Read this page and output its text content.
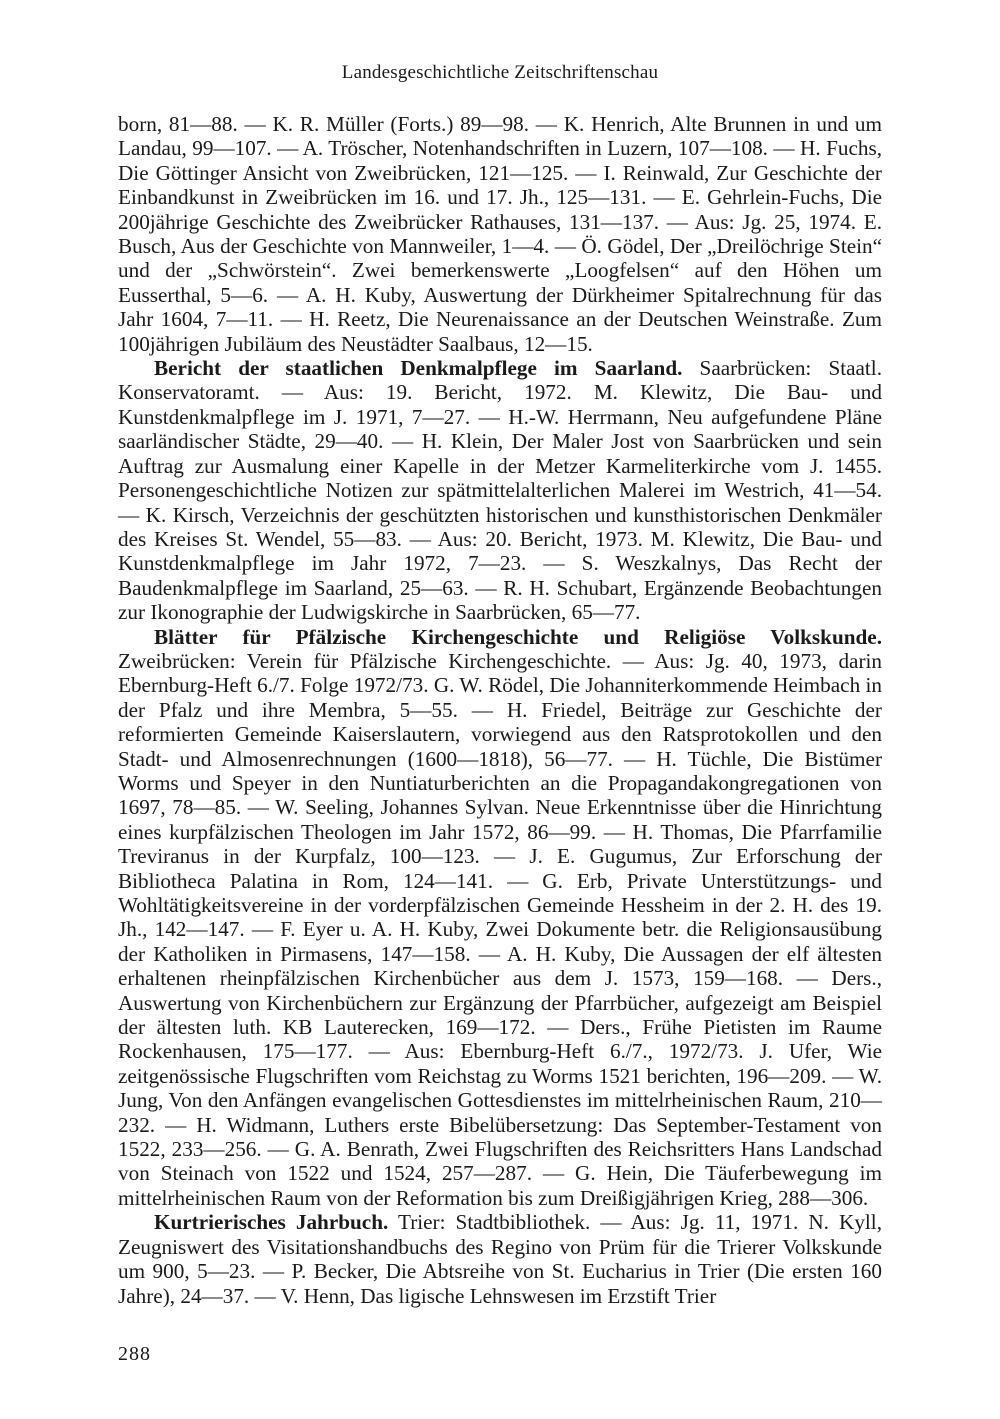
Landesgeschichtliche Zeitschriftenschau

born, 81—88. — K. R. Müller (Forts.) 89—98. — K. Henrich, Alte Brunnen in und um Landau, 99—107. — A. Tröscher, Notenhandschriften in Luzern, 107—108. — H. Fuchs, Die Göttinger Ansicht von Zweibrücken, 121—125. — I. Reinwald, Zur Geschichte der Einbandkunst in Zweibrücken im 16. und 17. Jh., 125—131. — E. Gehrlein-Fuchs, Die 200jährige Geschichte des Zweibrücker Rathauses, 131—137. — Aus: Jg. 25, 1974. E. Busch, Aus der Geschichte von Mannweiler, 1—4. — Ö. Gödel, Der „Dreilöchrige Stein“ und der „Schwörstein“. Zwei bemerkenswerte „Loogfelsen“ auf den Höhen um Eusserthal, 5—6. — A. H. Kuby, Auswertung der Dürkheimer Spitalrechnung für das Jahr 1604, 7—11. — H. Reetz, Die Neurenaissance an der Deutschen Weinstraße. Zum 100jährigen Jubiläum des Neustädter Saalbaus, 12—15.

Bericht der staatlichen Denkmalpflege im Saarland. Saarbrücken: Staatl. Konservatoramt. — Aus: 19. Bericht, 1972. M. Klewitz, Die Bau- und Kunstdenkmalpflege im J. 1971, 7—27. — H.-W. Herrmann, Neu aufgefundene Pläne saarländischer Städte, 29—40. — H. Klein, Der Maler Jost von Saarbrücken und sein Auftrag zur Ausmalung einer Kapelle in der Metzer Karmeliterkirche vom J. 1455. Personengeschichtliche Notizen zur spätmittelalterlichen Malerei im Westrich, 41—54. — K. Kirsch, Verzeichnis der geschützten historischen und kunsthistorischen Denkmäler des Kreises St. Wendel, 55—83. — Aus: 20. Bericht, 1973. M. Klewitz, Die Bau- und Kunstdenkmalpflege im Jahr 1972, 7—23. — S. Weszkalnys, Das Recht der Baudenkmalpflege im Saarland, 25—63. — R. H. Schubart, Ergänzende Beobachtungen zur Ikonographie der Ludwigskirche in Saarbrücken, 65—77.

Blätter für Pfälzische Kirchengeschichte und Religiöse Volkskunde. Zweibrücken: Verein für Pfälzische Kirchengeschichte. — Aus: Jg. 40, 1973, darin Ebernburg-Heft 6./7. Folge 1972/73. G. W. Rödel, Die Johanniterkommende Heimbach in der Pfalz und ihre Membra, 5—55. — H. Friedel, Beiträge zur Geschichte der reformierten Gemeinde Kaiserslautern, vorwiegend aus den Ratsprotokollen und den Stadt- und Almosenrechnungen (1600—1818), 56—77. — H. Tüchle, Die Bistümer Worms und Speyer in den Nuntiaturberichten an die Propagandakongregationen von 1697, 78—85. — W. Seeling, Johannes Sylvan. Neue Erkenntnisse über die Hinrichtung eines kurpfälzischen Theologen im Jahr 1572, 86—99. — H. Thomas, Die Pfarrfamilie Treviranus in der Kurpfalz, 100—123. — J. E. Gugumus, Zur Erforschung der Bibliotheca Palatina in Rom, 124—141. — G. Erb, Private Unterstützungs- und Wohltätigkeitsvereine in der vorderpfälzischen Gemeinde Hessheim in der 2. H. des 19. Jh., 142—147. — F. Eyer u. A. H. Kuby, Zwei Dokumente betr. die Religionsausübung der Katholiken in Pirmasens, 147—158. — A. H. Kuby, Die Aussagen der elf ältesten erhaltenen rheinpfälzischen Kirchenbücher aus dem J. 1573, 159—168. — Ders., Auswertung von Kirchenbüchern zur Ergänzung der Pfarrbücher, aufgezeigt am Beispiel der ältesten luth. KB Lauterecken, 169—172. — Ders., Frühe Pietisten im Raume Rockenhausen, 175—177. — Aus: Ebernburg-Heft 6./7., 1972/73. J. Ufer, Wie zeitgenössische Flugschriften vom Reichstag zu Worms 1521 berichten, 196—209. — W. Jung, Von den Anfängen evangelischen Gottesdienstes im mittelrheinischen Raum, 210—232. — H. Widmann, Luthers erste Bibelübersetzung: Das September-Testament von 1522, 233—256. — G. A. Benrath, Zwei Flugschriften des Reichsritters Hans Landschad von Steinach von 1522 und 1524, 257—287. — G. Hein, Die Täuferbewegung im mittelrheinischen Raum von der Reformation bis zum Dreißigjährigen Krieg, 288—306.

Kurtrierisches Jahrbuch. Trier: Stadtbibliothek. — Aus: Jg. 11, 1971. N. Kyll, Zeugniswert des Visitationshandbuchs des Regino von Prüm für die Trierer Volkskunde um 900, 5—23. — P. Becker, Die Abtsreihe von St. Eucharius in Trier (Die ersten 160 Jahre), 24—37. — V. Henn, Das ligische Lehnswesen im Erzstift Trier

288
